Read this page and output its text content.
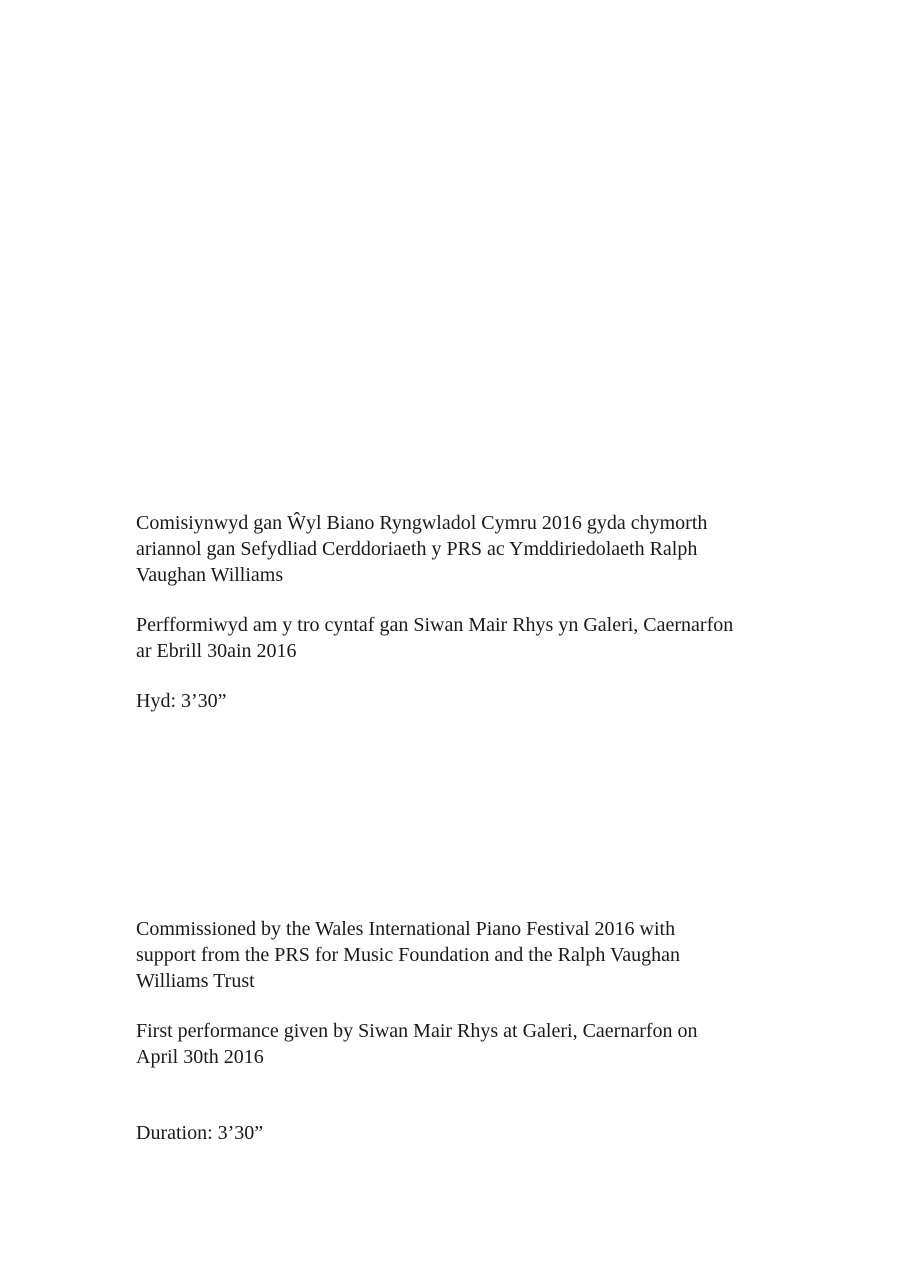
Comisiynwyd gan Ŵyl Biano Ryngwladol Cymru 2016 gyda chymorth
ariannol gan Sefydliad Cerddoriaeth y PRS ac Ymddiriedolaeth Ralph
Vaughan Williams

Perfformiwyd am y tro cyntaf gan Siwan Mair Rhys yn Galeri, Caernarfon
ar Ebrill 30ain 2016

Hyd: 3’30”

Commissioned by the Wales International Piano Festival 2016 with
support from the PRS for Music Foundation and the Ralph Vaughan
Williams Trust

First performance given by Siwan Mair Rhys at Galeri, Caernarfon on
April 30th 2016

Duration: 3’30”
